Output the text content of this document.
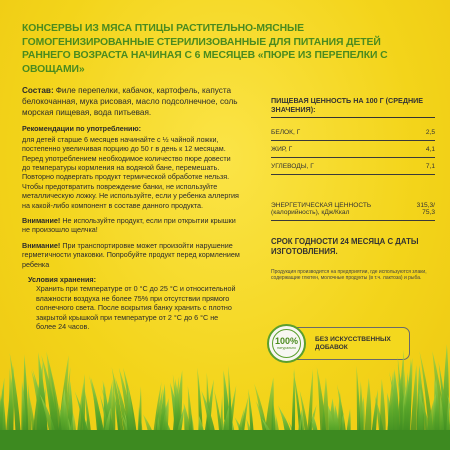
КОНСЕРВЫ ИЗ МЯСА ПТИЦЫ РАСТИТЕЛЬНО-МЯСНЫЕ ГОМОГЕНИЗИРОВАННЫЕ СТЕРИЛИЗОВАННЫЕ ДЛЯ ПИТАНИЯ ДЕТЕЙ РАННЕГО ВОЗРАСТА НАЧИНАЯ С 6 МЕСЯЦЕВ «ПЮРЕ ИЗ ПЕРЕПЕЛКИ С ОВОЩАМИ»

Состав: Филе перепелки, кабачок, картофель, капуста белокочанная, мука рисовая, масло подсолнечное, соль морская пищевая, вода питьевая.

Рекомендации по употреблению:

для детей старше 6 месяцев начинайте с ½ чайной ложки, постепенно увеличивая порцию до 50 г в день к 12 месяцам. Перед употреблением необходимое количество пюре довести до температуры кормления на водяной бане, перемешать. Повторно подвергать продукт термической обработке нельзя. Чтобы предотвратить повреждение банки, не используйте металлическую ложку. Не используйте, если у ребенка аллергия на какой-либо компонент в составе данного продукта.

Внимание! Не используйте продукт, если при открытии крышки не произошло щелчка!

Внимание! При транспортировке может произойти нарушение герметичности упаковки. Попробуйте продукт перед кормлением ребенка

Условия хранения:
Хранить при температуре от 0 °С до 25 °С и относительной влажности воздуха не более 75% при отсутствии прямого солнечного света. После вскрытия банку хранить с плотно закрытой крышкой при температуре от 2 °С до 6 °С не более 24 часов.
ПИЩЕВАЯ ЦЕННОСТЬ НА 100 Г (СРЕДНИЕ ЗНАЧЕНИЯ):
БЕЛОК, Г	2,5
ЖИР, Г	4,1
УГЛЕВОДЫ, Г	7,1
ЭНЕРГЕТИЧЕСКАЯ ЦЕННОСТЬ (калорийность), кДж/Ккал
315,3/ 75,3
СРОК ГОДНОСТИ 24 МЕСЯЦА С ДАТЫ ИЗГОТОВЛЕНИЯ.
Продукция производится на предприятии, где используются злаки, содержащие глютен, молочные продукты (в т.ч. лактоза) и рыба.
100%
натурально
БЕЗ ИСКУССТВЕННЫХ ДОБАВОК
